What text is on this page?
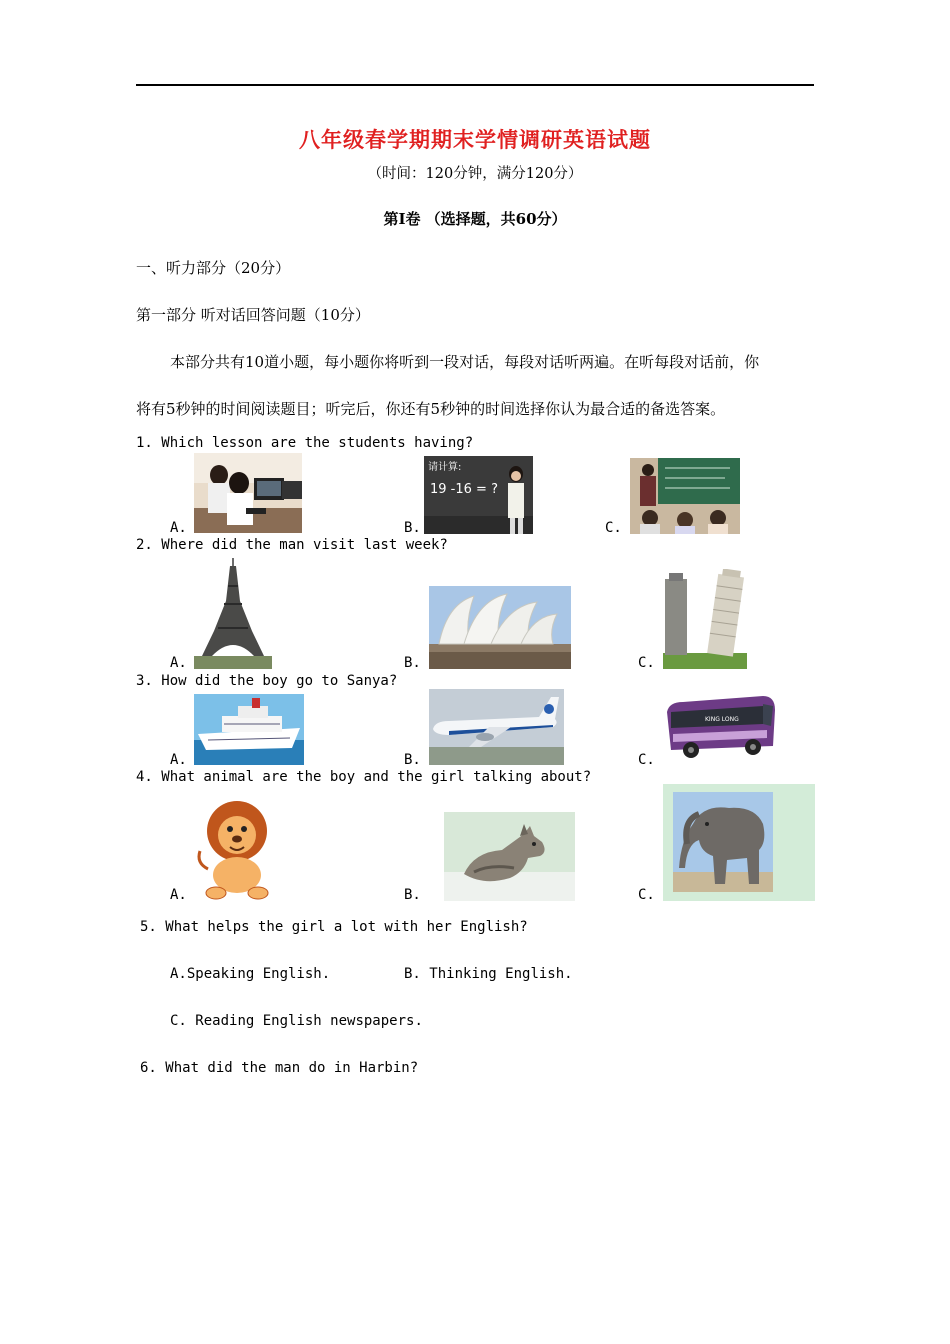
八年级春学期期末学情调研英语试题
（时间：120分钟，满分120分）
第Ⅰ卷 （选择题，共60分）
一、听力部分（20分）
第一部分 听对话回答问题（10分）
本部分共有10道小题，每小题你将听到一段对话，每段对话听两遍。在听每段对话前，你
将有5秒钟的时间阅读题目；听完后，你还有5秒钟的时间选择你认为最合适的备选答案。
1. Which lesson are the students having?
A.	B.
请计算:
19 -16 = ?
C.
2. Where did the man visit last week?
A.	B.	C.
3. How did the boy go to Sanya?
A.	B.	C.
KING LONG
4. What animal are the boy and the girl talking about?
A.	B.	C.
5. What helps the girl a lot with her English?
A.Speaking English.	B. Thinking English.
C. Reading English newspapers.
6. What did the man do in Harbin?
